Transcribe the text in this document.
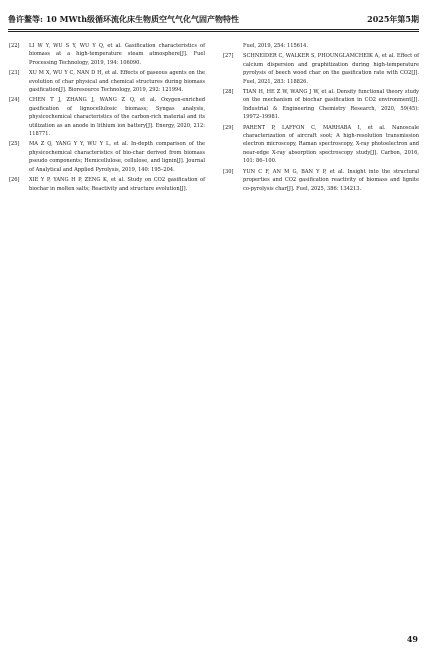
鲁许鳌等: 10 MWth级循环流化床生物质空气气化气固产物特性	2025年第5期
[22]	LI W Y, WU S Y, WU Y Q, et al. Gasification characteristics of biomass at a high-temperature steam atmosphere[J]. Fuel Processing Technology, 2019, 194: 106090.
[23]	XU M X, WU Y C, NAN D H, et al. Effects of gaseous agents on the evolution of char physical and chemical structures during biomass gasification[J]. Bioresource Technology, 2019, 292: 121994.
[24]	CHEN T J, ZHANG J, WANG Z Q, et al. Oxygen-enriched gasification of lignocellulosic biomass; Syngas analysis, physicochemical characteristics of the carbon-rich material and its utilization as an anode in lithium ion battery[J]. Energy, 2020, 212: 118771.
[25]	MA Z Q, YANG Y Y, WU Y L, et al. In-depth comparison of the physicochemical characteristics of bio-char derived from biomass pseudo components; Hemicellulose, cellulose, and lignin[J]. Journal of Analytical and Applied Pyrolysis, 2019, 140: 195–204.
[26]	XIE Y P, YANG H P, ZENG K, et al. Study on CO2 gasification of biochar in molten salts; Reactivity and structure evolution[J].
Fuel, 2019, 254: 115614.
[27]	SCHNEIDER C, WALKER S, PHOUNGLAMCHEIK A, et al. Effect of calcium dispersion and graphitization during high-temperature pyrolysis of beech wood char on the gasification rate with CO2[J]. Fuel, 2021, 283: 118826.
[28]	TIAN H, HE Z W, WANG J W, et al. Density functional theory study on the mechanism of biochar gasification in CO2 environment[J]. Industrial & Engineering Chemistry Research, 2020, 59(45): 19972–19981.
[29]	PARENT P, LAFFON C, MARHABA I, et al. Nanoscale characterization of aircraft soot; A high-resolution transmission electron microscopy, Raman spectroscopy, X-ray photoelectron and near-edge X-ray absorption spectroscopy study[J]. Carbon, 2016, 101: 86–100.
[30]	YUN C F, AN M G, BAN Y P, et al. Insight into the structural properties and CO2 gasification reactivity of biomass and lignite co-pyrolysis char[J]. Fuel, 2025, 386: 134213.
49
